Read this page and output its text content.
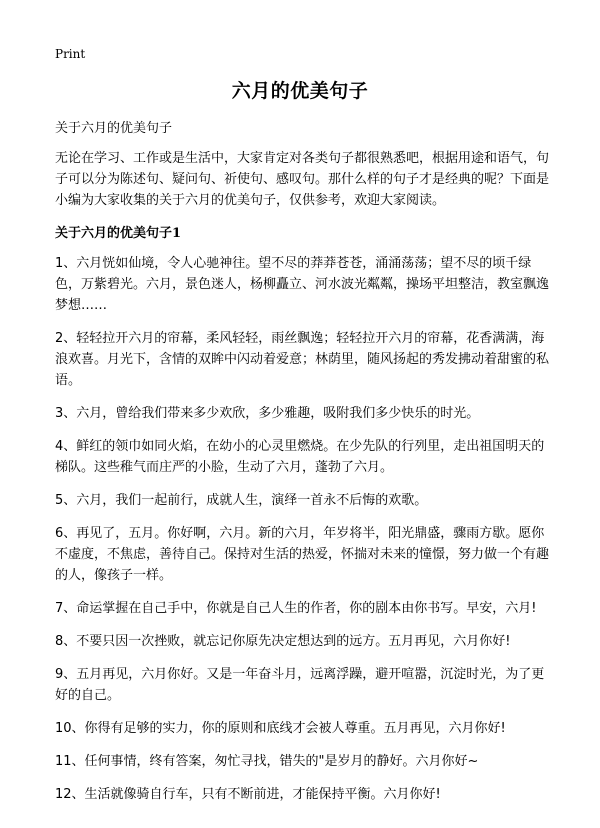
Print
六月的优美句子
关于六月的优美句子
无论在学习、工作或是生活中，大家肯定对各类句子都很熟悉吧，根据用途和语气，句子可以分为陈述句、疑问句、祈使句、感叹句。那什么样的句子才是经典的呢？下面是小编为大家收集的关于六月的优美句子，仅供参考，欢迎大家阅读。
关于六月的优美句子1
1、六月恍如仙境，令人心驰神往。望不尽的莽莽苍苍，涌涌荡荡；望不尽的顷千绿色，万紫碧光。六月，景色迷人，杨柳矗立、河水波光粼粼，操场平坦整洁，教室飘逸梦想……
2、轻轻拉开六月的帘幕，柔风轻轻，雨丝飘逸；轻轻拉开六月的帘幕，花香满满，海浪欢喜。月光下，含情的双眸中闪动着爱意；林荫里，随风扬起的秀发拂动着甜蜜的私语。
3、六月，曾给我们带来多少欢欣，多少雅趣，吸附我们多少快乐的时光。
4、鲜红的领巾如同火焰，在幼小的心灵里燃烧。在少先队的行列里，走出祖国明天的梯队。这些稚气而庄严的小脸，生动了六月，蓬勃了六月。
5、六月，我们一起前行，成就人生，演绎一首永不后悔的欢歌。
6、再见了，五月。你好啊，六月。新的六月，年岁将半，阳光鼎盛，骤雨方歇。愿你不虚度，不焦虑，善待自己。保持对生活的热爱，怀揣对未来的憧憬，努力做一个有趣的人，像孩子一样。
7、命运掌握在自己手中，你就是自己人生的作者，你的剧本由你书写。早安，六月!
8、不要只因一次挫败，就忘记你原先决定想达到的远方。五月再见，六月你好!
9、五月再见，六月你好。又是一年奋斗月，远离浮躁，避开喧嚣，沉淀时光，为了更好的自己。
10、你得有足够的实力，你的原则和底线才会被人尊重。五月再见，六月你好!
11、任何事情，终有答案，匆忙寻找，错失的"是岁月的静好。六月你好~
12、生活就像骑自行车，只有不断前进，才能保持平衡。六月你好!
